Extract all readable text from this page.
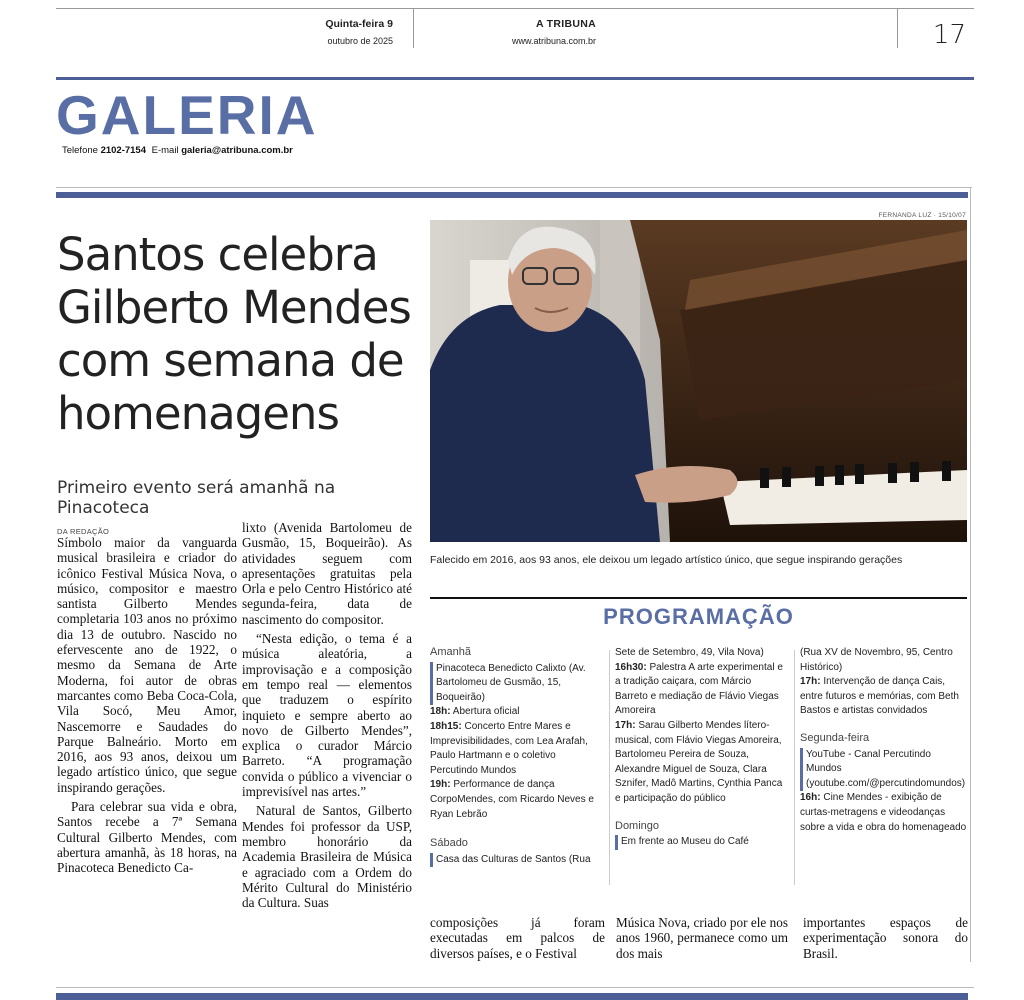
Quinta-feira 9
outubro de 2025
A TRIBUNA
www.atribuna.com.br	17
GALERIA
Telefone 2102-7154 E-mail galeria@atribuna.com.br
Santos celebra Gilberto Mendes com semana de homenagens
Primeiro evento será amanhã na Pinacoteca
FERNANDA LUZ · 15/10/07
Falecido em 2016, aos 93 anos, ele deixou um legado artístico único, que segue inspirando gerações
DA REDAÇÃO

Símbolo maior da vanguarda musical brasileira e criador do icônico Festival Música Nova, o músico, compositor e maestro santista Gilberto Mendes completaria 103 anos no próximo dia 13 de outubro. Nascido no efervescente ano de 1922, o mesmo da Semana de Arte Moderna, foi autor de obras marcantes como Beba Coca-Cola, Vila Socó, Meu Amor, Nascemorre e Saudades do Parque Balneário. Morto em 2016, aos 93 anos, deixou um legado artístico único, que segue inspirando gerações.

Para celebrar sua vida e obra, Santos recebe a 7ª Semana Cultural Gilberto Mendes, com abertura amanhã, às 18 horas, na Pinacoteca Benedicto Ca-

lixto (Avenida Bartolomeu de Gusmão, 15, Boqueirão). As atividades seguem com apresentações gratuitas pela Orla e pelo Centro Histórico até segunda-feira, data de nascimento do compositor.

“Nesta edição, o tema é a música aleatória, a improvisação e a composição em tempo real — elementos que traduzem o espírito inquieto e sempre aberto ao novo de Gilberto Mendes”, explica o curador Márcio Barreto. “A programação convida o público a vivenciar o imprevisível nas artes.”

Natural de Santos, Gilberto Mendes foi professor da USP, membro honorário da Academia Brasileira de Música e agraciado com a Ordem do Mérito Cultural do Ministério da Cultura. Suas

PROGRAMAÇÃO
Amanhã
Pinacoteca Benedicto Calixto (Av. Bartolomeu de Gusmão, 15, Boqueirão)
18h: Abertura oficial
18h15: Concerto Entre Mares e Imprevisibilidades, com Lea Arafah, Paulo Hartmann e o coletivo Percutindo Mundos
19h: Performance de dança CorpoMendes, com Ricardo Neves e Ryan Lebrão
Sábado
Casa das Culturas de Santos (Rua
Sete de Setembro, 49, Vila Nova)
16h30: Palestra A arte experimental e a tradição caiçara, com Márcio Barreto e mediação de Flávio Viegas Amoreira
17h: Sarau Gilberto Mendes lítero-musical, com Flávio Viegas Amoreira, Bartolomeu Pereira de Souza, Alexandre Miguel de Souza, Clara Sznifer, Madô Martins, Cynthia Panca e participação do público
Domingo
Em frente ao Museu do Café
(Rua XV de Novembro, 95, Centro Histórico)
17h: Intervenção de dança Cais, entre futuros e memórias, com Beth Bastos e artistas convidados
Segunda-feira
YouTube - Canal Percutindo Mundos (youtube.com/@percutindomundos)
16h: Cine Mendes - exibição de curtas-metragens e videodanças sobre a vida e obra do homenageado
composições já foram executadas em palcos de diversos países, e o Festival
Música Nova, criado por ele nos anos 1960, permanece como um dos mais
importantes espaços de experimentação sonora do Brasil.
